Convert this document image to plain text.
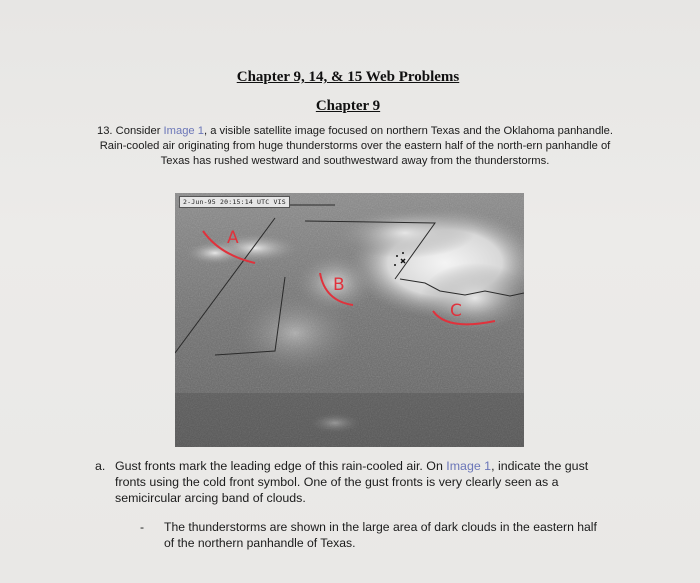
Chapter 9, 14, & 15 Web Problems
Chapter 9
13. Consider Image 1, a visible satellite image focused on northern Texas and the Oklahoma panhandle. Rain-cooled air originating from huge thunderstorms over the eastern half of the north-ern panhandle of Texas has rushed westward and southwestward away from the thunderstorms.
A
B
C
2-Jun-95 20:15:14 UTC VIS
a. Gust fronts mark the leading edge of this rain-cooled air. On Image 1, indicate the gust fronts using the cold front symbol. One of the gust fronts is very clearly seen as a semicircular arcing band of clouds.
- The thunderstorms are shown in the large area of dark clouds in the eastern half of the northern panhandle of Texas.
